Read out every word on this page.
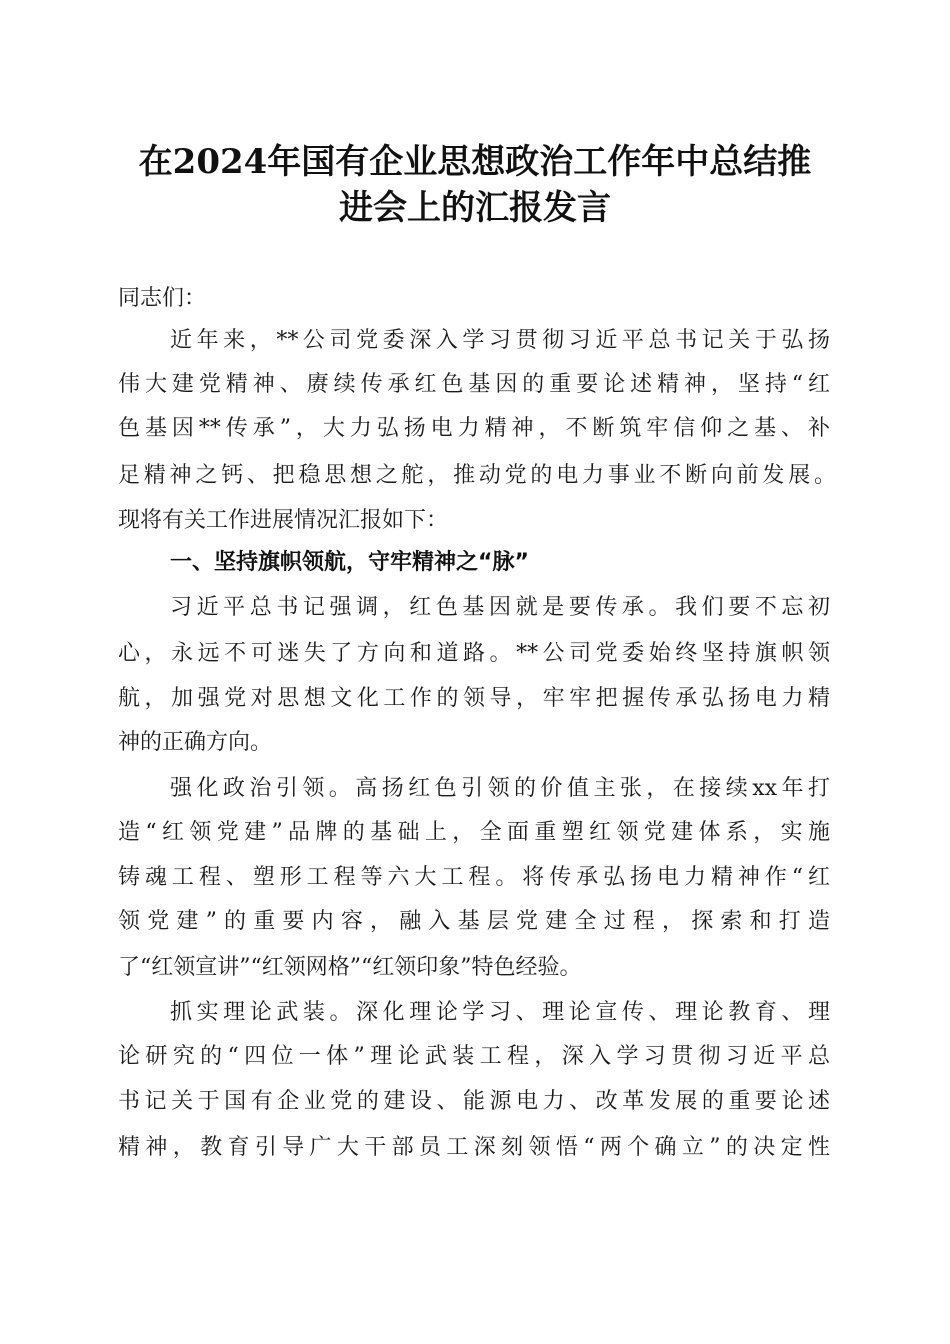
在2024年国有企业思想政治工作年中总结推
进会上的汇报发言
同志们：
近年来，**公司党委深入学习贯彻习近平总书记关于弘扬
伟大建党精神、赓续传承红色基因的重要论述精神，坚持“红
色基因**传承”，大力弘扬电力精神，不断筑牢信仰之基、补
足精神之钙、把稳思想之舵，推动党的电力事业不断向前发展。
现将有关工作进展情况汇报如下：
一、坚持旗帜领航，守牢精神之“脉”
习近平总书记强调，红色基因就是要传承。我们要不忘初
心，永远不可迷失了方向和道路。**公司党委始终坚持旗帜领
航，加强党对思想文化工作的领导，牢牢把握传承弘扬电力精
神的正确方向。
强化政治引领。高扬红色引领的价值主张，在接续xx年打
造“红领党建”品牌的基础上，全面重塑红领党建体系，实施
铸魂工程、塑形工程等六大工程。将传承弘扬电力精神作“红
领党建”的重要内容，融入基层党建全过程，探索和打造
了“红领宣讲”“红领网格”“红领印象”特色经验。
抓实理论武装。深化理论学习、理论宣传、理论教育、理
论研究的“四位一体”理论武装工程，深入学习贯彻习近平总
书记关于国有企业党的建设、能源电力、改革发展的重要论述
精神，教育引导广大干部员工深刻领悟“两个确立”的决定性
